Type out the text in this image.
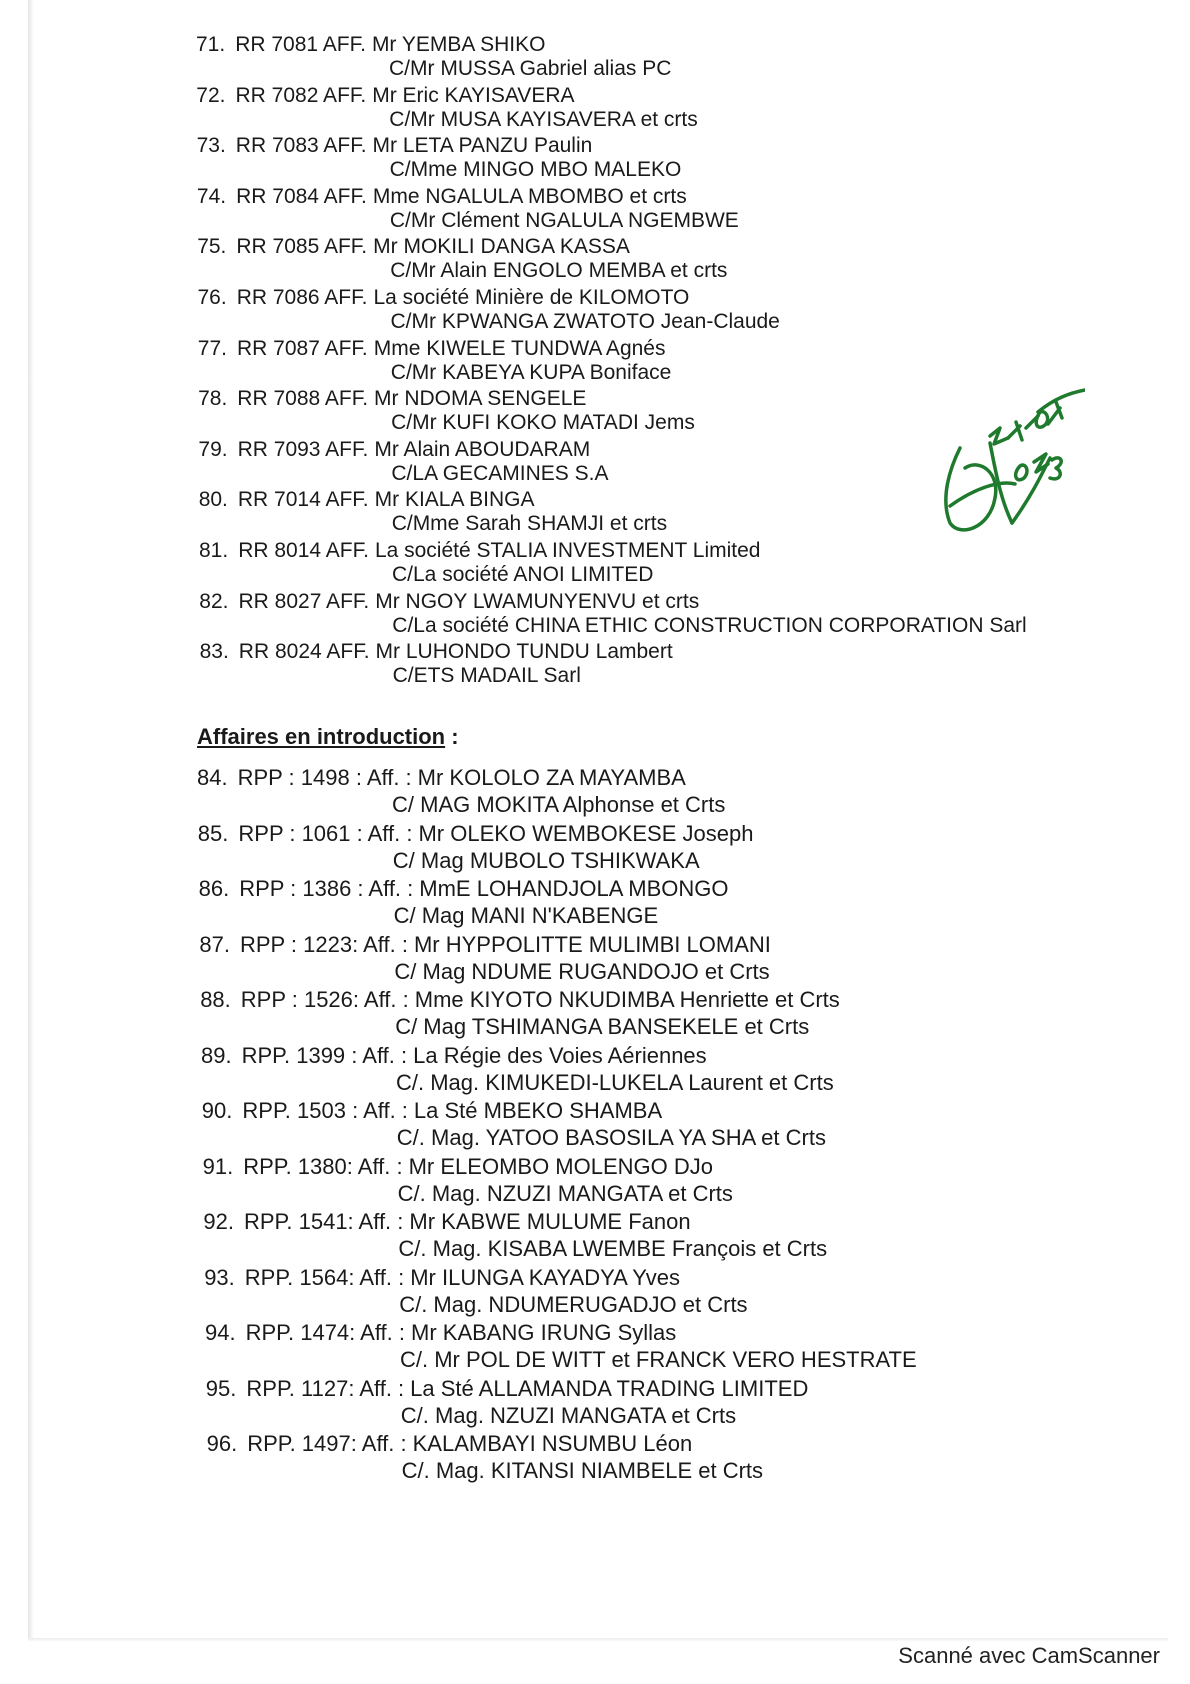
71. RR 7081 AFF. Mr YEMBA SHIKO
C/Mr MUSSA Gabriel alias PC
72. RR 7082 AFF. Mr Eric KAYISAVERA
C/Mr MUSA KAYISAVERA et crts
73. RR 7083 AFF. Mr LETA PANZU Paulin
C/Mme MINGO MBO MALEKO
74. RR 7084 AFF. Mme NGALULA MBOMBO et crts
C/Mr Clément NGALULA NGEMBWE
75. RR 7085 AFF. Mr MOKILI DANGA KASSA
C/Mr Alain ENGOLO MEMBA et crts
76. RR 7086 AFF. La société Minière de KILOMOTO
C/Mr KPWANGA ZWATOTO Jean-Claude
77. RR 7087 AFF. Mme KIWELE TUNDWA Agnés
C/Mr KABEYA KUPA Boniface
78. RR 7088 AFF. Mr NDOMA SENGELE
C/Mr KUFI KOKO MATADI Jems
79. RR 7093 AFF. Mr Alain ABOUDARAM
C/LA GECAMINES S.A
80. RR 7014 AFF. Mr KIALA BINGA
C/Mme Sarah SHAMJI et crts
81. RR 8014 AFF. La société STALIA INVESTMENT Limited
C/La société ANOI LIMITED
82. RR 8027 AFF. Mr NGOY LWAMUNYENVU et crts
C/La société CHINA ETHIC CONSTRUCTION CORPORATION Sarl
83. RR 8024 AFF. Mr LUHONDO TUNDU Lambert
C/ETS MADAIL Sarl
Affaires en introduction :
84. RPP : 1498 : Aff. : Mr KOLOLO ZA MAYAMBA
C/ MAG MOKITA Alphonse et Crts
85. RPP : 1061 : Aff. : Mr OLEKO WEMBOKESE Joseph
C/ Mag MUBOLO TSHIKWAKA
86. RPP : 1386 : Aff. : MmE LOHANDJOLA MBONGO
C/ Mag MANI N'KABENGE
87. RPP : 1223: Aff. : Mr HYPPOLITTE MULIMBI LOMANI
C/ Mag NDUME RUGANDOJO et Crts
88. RPP : 1526: Aff. : Mme KIYOTO NKUDIMBA Henriette et Crts
C/ Mag TSHIMANGA BANSEKELE et Crts
89. RPP. 1399 : Aff. : La Régie des Voies Aériennes
C/. Mag. KIMUKEDI-LUKELA Laurent et Crts
90. RPP. 1503 : Aff. : La Sté MBEKO SHAMBA
C/. Mag. YATOO BASOSILA YA SHA et Crts
91. RPP. 1380: Aff. : Mr ELEOMBO MOLENGO DJo
C/. Mag. NZUZI MANGATA et Crts
92. RPP. 1541: Aff. : Mr KABWE MULUME Fanon
C/. Mag. KISABA LWEMBE François et Crts
93. RPP. 1564: Aff. : Mr ILUNGA KAYADYA Yves
C/. Mag. NDUMERUGADJO et Crts
94. RPP. 1474: Aff. : Mr KABANG IRUNG Syllas
C/. Mr POL DE WITT et FRANCK VERO HESTRATE
95. RPP. 1127: Aff. : La Sté ALLAMANDA TRADING LIMITED
C/. Mag. NZUZI MANGATA et Crts
96. RPP. 1497: Aff. : KALAMBAYI NSUMBU Léon
C/. Mag. KITANSI NIAMBELE et Crts
Scanné avec CamScanner
